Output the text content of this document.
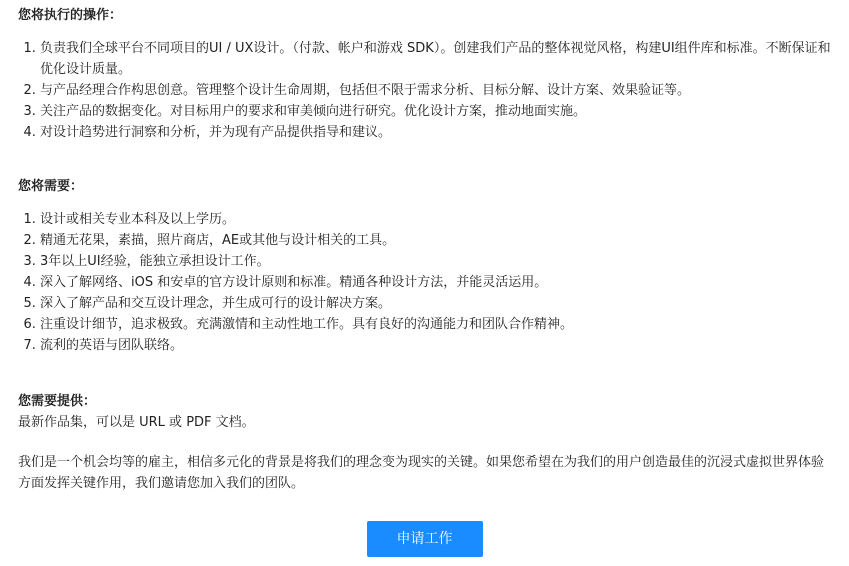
您将执行的操作：
1. 负责我们全球平台不同项目的UI / UX设计。（付款、帐户和游戏 SDK）。创建我们产品的整体视觉风格，构建UI组件库和标准。不断保证和优化设计质量。
2. 与产品经理合作构思创意。管理整个设计生命周期，包括但不限于需求分析、目标分解、设计方案、效果验证等。
3. 关注产品的数据变化。对目标用户的要求和审美倾向进行研究。优化设计方案，推动地面实施。
4. 对设计趋势进行洞察和分析，并为现有产品提供指导和建议。
您将需要：
1. 设计或相关专业本科及以上学历。
2. 精通无花果，素描，照片商店，AE或其他与设计相关的工具。
3. 3年以上UI经验，能独立承担设计工作。
4. 深入了解网络、iOS 和安卓的官方设计原则和标准。精通各种设计方法，并能灵活运用。
5. 深入了解产品和交互设计理念，并生成可行的设计解决方案。
6. 注重设计细节，追求极致。充满激情和主动性地工作。具有良好的沟通能力和团队合作精神。
7. 流利的英语与团队联络。
您需要提供：
最新作品集，可以是 URL 或 PDF 文档。
我们是一个机会均等的雇主，相信多元化的背景是将我们的理念变为现实的关键。如果您希望在为我们的用户创造最佳的沉浸式虚拟世界体验方面发挥关键作用，我们邀请您加入我们的团队。
申请工作
